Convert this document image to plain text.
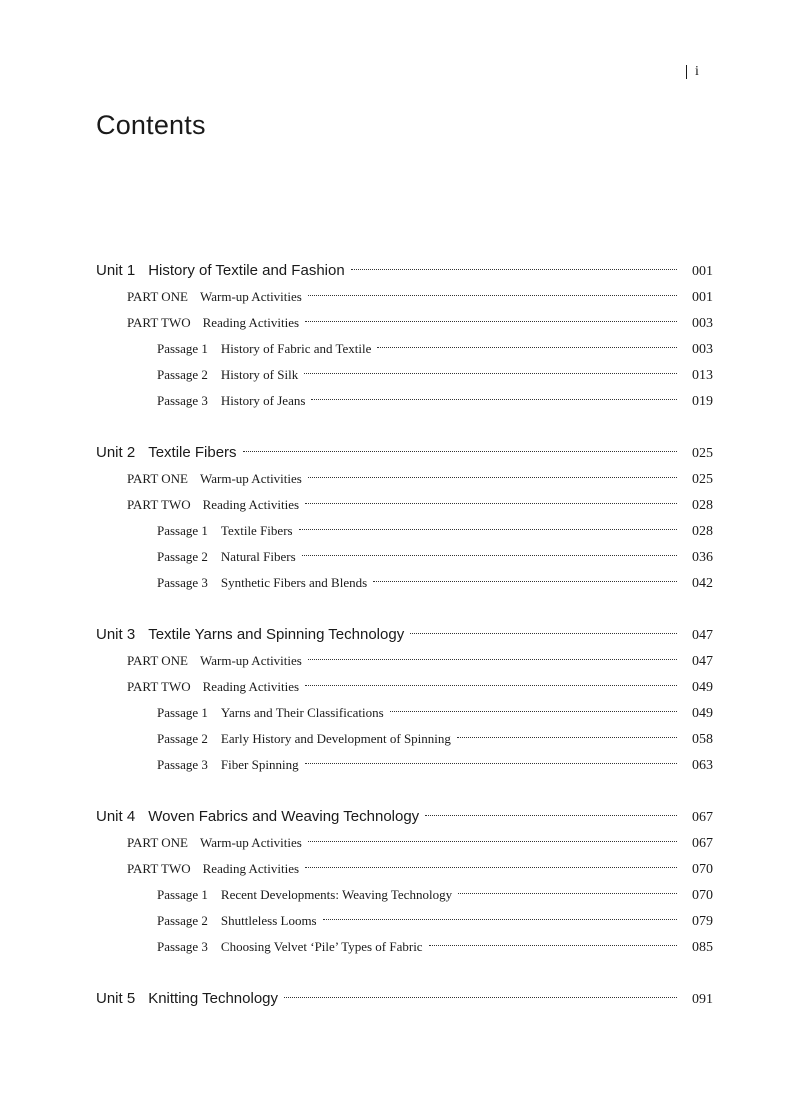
i
Contents
Unit 1 History of Textile and Fashion	001
PART ONE Warm-up Activities	001
PART TWO Reading Activities	003
Passage 1 History of Fabric and Textile	003
Passage 2 History of Silk	013
Passage 3 History of Jeans	019
Unit 2 Textile Fibers	025
PART ONE Warm-up Activities	025
PART TWO Reading Activities	028
Passage 1 Textile Fibers	028
Passage 2 Natural Fibers	036
Passage 3 Synthetic Fibers and Blends	042
Unit 3 Textile Yarns and Spinning Technology	047
PART ONE Warm-up Activities	047
PART TWO Reading Activities	049
Passage 1 Yarns and Their Classifications	049
Passage 2 Early History and Development of Spinning	058
Passage 3 Fiber Spinning	063
Unit 4 Woven Fabrics and Weaving Technology	067
PART ONE Warm-up Activities	067
PART TWO Reading Activities	070
Passage 1 Recent Developments: Weaving Technology	070
Passage 2 Shuttleless Looms	079
Passage 3 Choosing Velvet ‘Pile’ Types of Fabric	085
Unit 5 Knitting Technology	091
